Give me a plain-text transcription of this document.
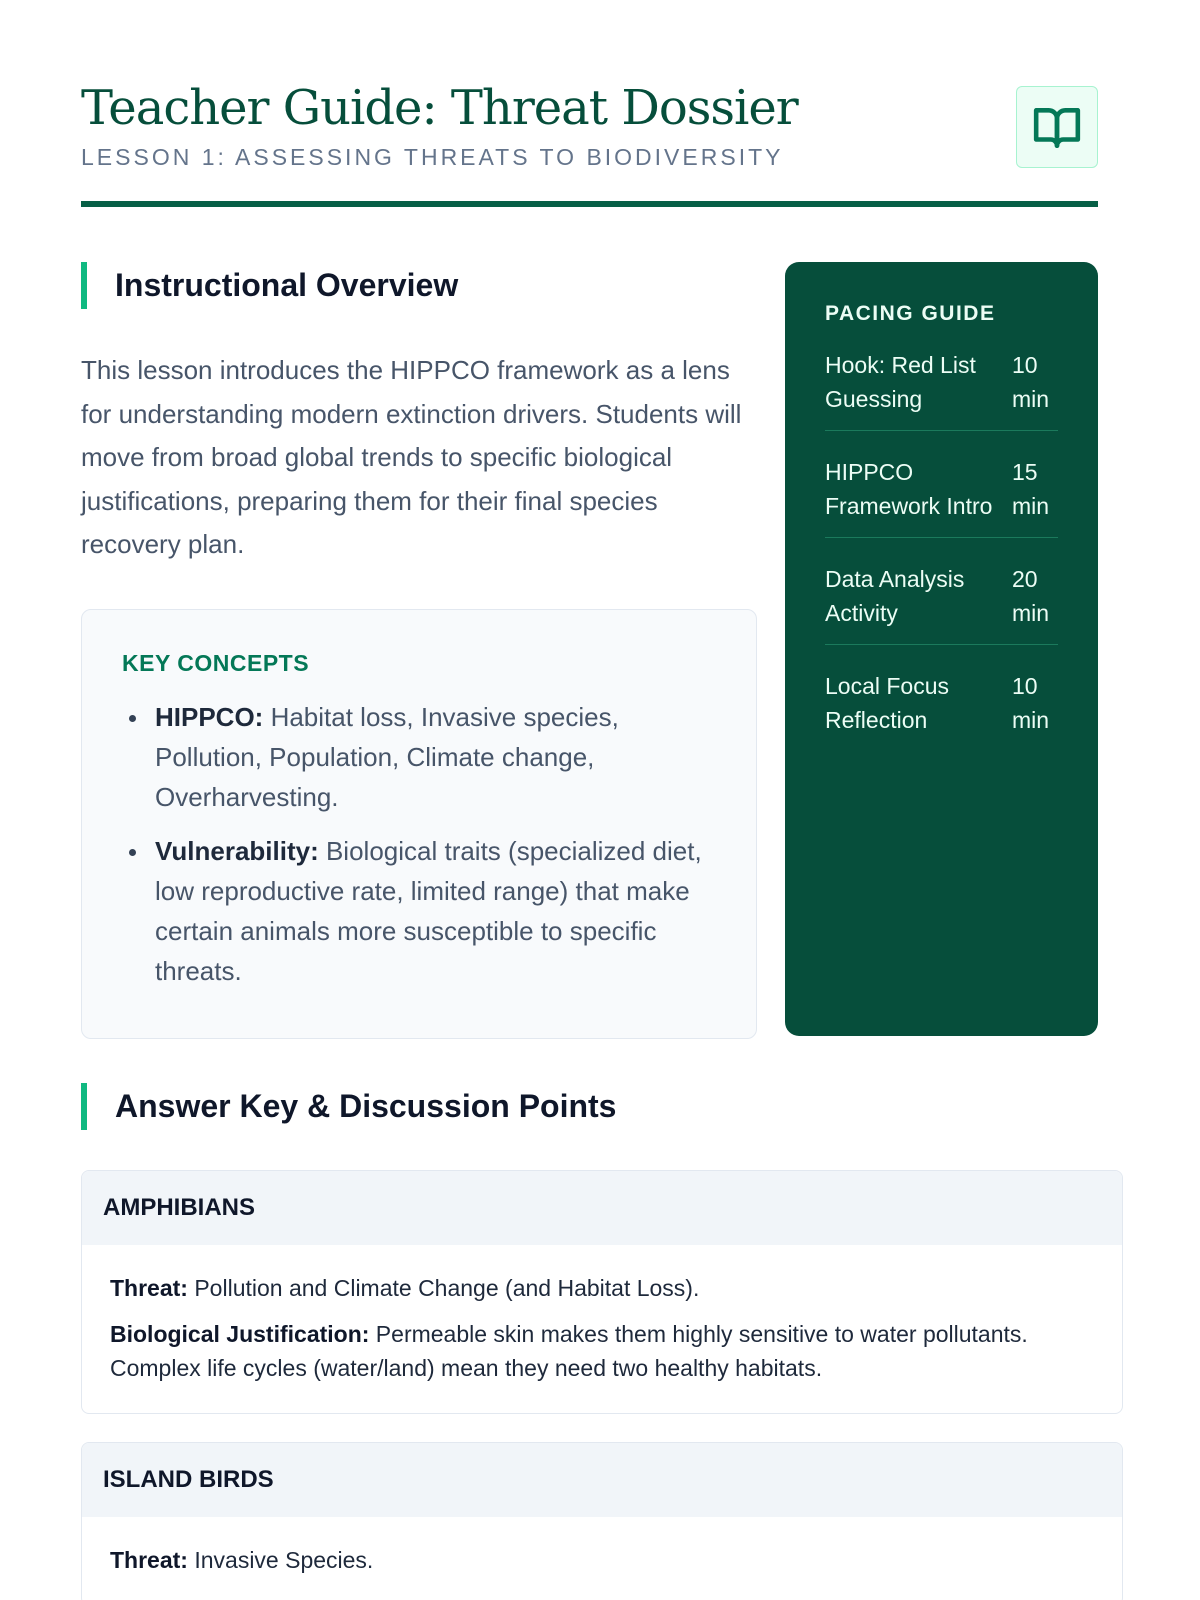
Teacher Guide: Threat Dossier
LESSON 1: ASSESSING THREATS TO BIODIVERSITY
Instructional Overview

This lesson introduces the HIPPCO framework as a lens for understanding modern extinction drivers. Students will move from broad global trends to specific biological justifications, preparing them for their final species recovery plan.

KEY CONCEPTS
HIPPCO: Habitat loss, Invasive species, Pollution, Population, Climate change, Overharvesting.
Vulnerability: Biological traits (specialized diet, low reproductive rate, limited range) that make certain animals more susceptible to specific threats.
PACING GUIDE
Hook: Red List Guessing
10 min
HIPPCO Framework Intro
15 min
Data Analysis Activity
20 min
Local Focus Reflection
10 min
Answer Key & Discussion Points
AMPHIBIANS

Threat: Pollution and Climate Change (and Habitat Loss).

Biological Justification: Permeable skin makes them highly sensitive to water pollutants. Complex life cycles (water/land) mean they need two healthy habitats.

ISLAND BIRDS

Threat: Invasive Species.
